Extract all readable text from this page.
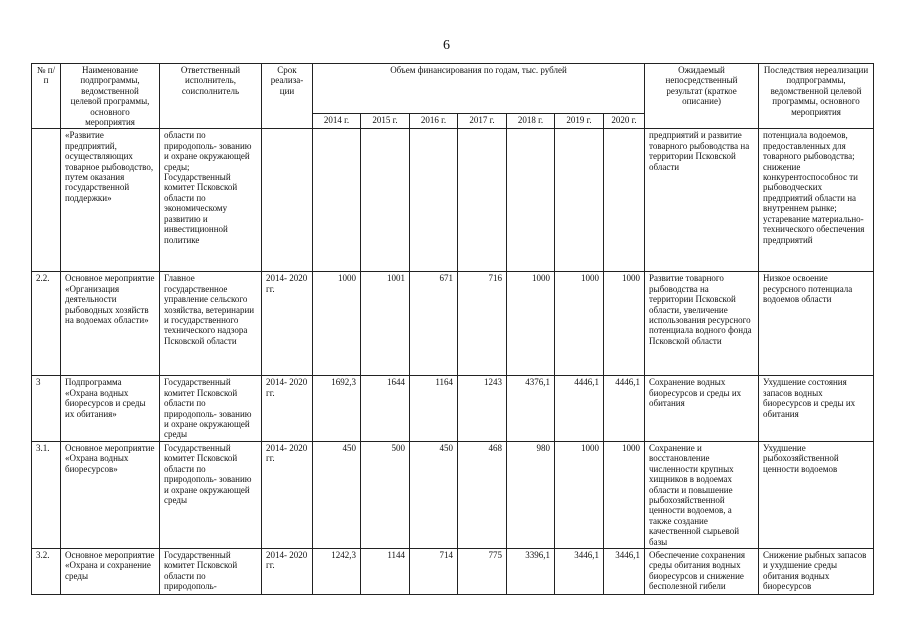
6
№ п/п	Наименование подпрограммы, ведомственной целевой программы, основного мероприятия	Ответственный исполнитель, соисполнитель	Срок реализа- ции	Объем финансирования по годам, тыс. рублей							Ожидаемый непосредственный результат (краткое описание)	Последствия нереализации подпрограммы, ведомственной целевой программы, основного мероприятия
				2014 г.	2015 г.	2016 г.	2017 г.	2018 г.	2019 г.	2020 г.		
	«Развитие предприятий, осуществляющих товарное рыбоводство, путем оказания государственной поддержки»	области по природополь- зованию и охране окружающей среды; Государственный комитет Псковской области по экономическому развитию и инвестиционной политике									предприятий и развитие товарного рыбоводства на территории Псковской области	потенциала водоемов, предоставленных для товарного рыбоводства; снижение конкурентоспособнос ти рыбоводческих предприятий области на внутреннем рынке; устаревание материально- технического обеспечения предприятий
2.2.	Основное мероприятие «Организация деятельности рыбоводных хозяйств на водоемах области»	Главное государственное управление сельского хозяйства, ветеринарии и государственного технического надзора Псковской области	2014- 2020 гг.	1000	1001	671	716	1000	1000	1000	Развитие товарного рыбоводства на территории Псковской области, увеличение использования ресурсного потенциала водного фонда Псковской области	Низкое освоение ресурсного потенциала водоемов области
3	Подпрограмма «Охрана водных биоресурсов и среды их обитания»	Государственный комитет Псковской области по природополь- зованию и охране окружающей среды	2014- 2020 гг.	1692,3	1644	1164	1243	4376,1	4446,1	4446,1	Сохранение водных биоресурсов и среды их обитания	Ухудшение состояния запасов водных биоресурсов и среды их обитания
3.1.	Основное мероприятие «Охрана водных биоресурсов»	Государственный комитет Псковской области по природополь- зованию и охране окружающей среды	2014- 2020 гг.	450	500	450	468	980	1000	1000	Сохранение и восстановление численности крупных хищников в водоемах области и повышение рыбохозяйственной ценности водоемов, а также создание качественной сырьевой базы	Ухудшение рыбохозяйственной ценности водоемов
3.2.	Основное мероприятие «Охрана и сохранение среды	Государственный комитет Псковской области по природополь-	2014- 2020 гг.	1242,3	1144	714	775	3396,1	3446,1	3446,1	Обеспечение сохранения среды обитания водных биоресурсов и снижение бесполезной гибели	Снижение рыбных запасов и ухудшение среды обитания водных биоресурсов
